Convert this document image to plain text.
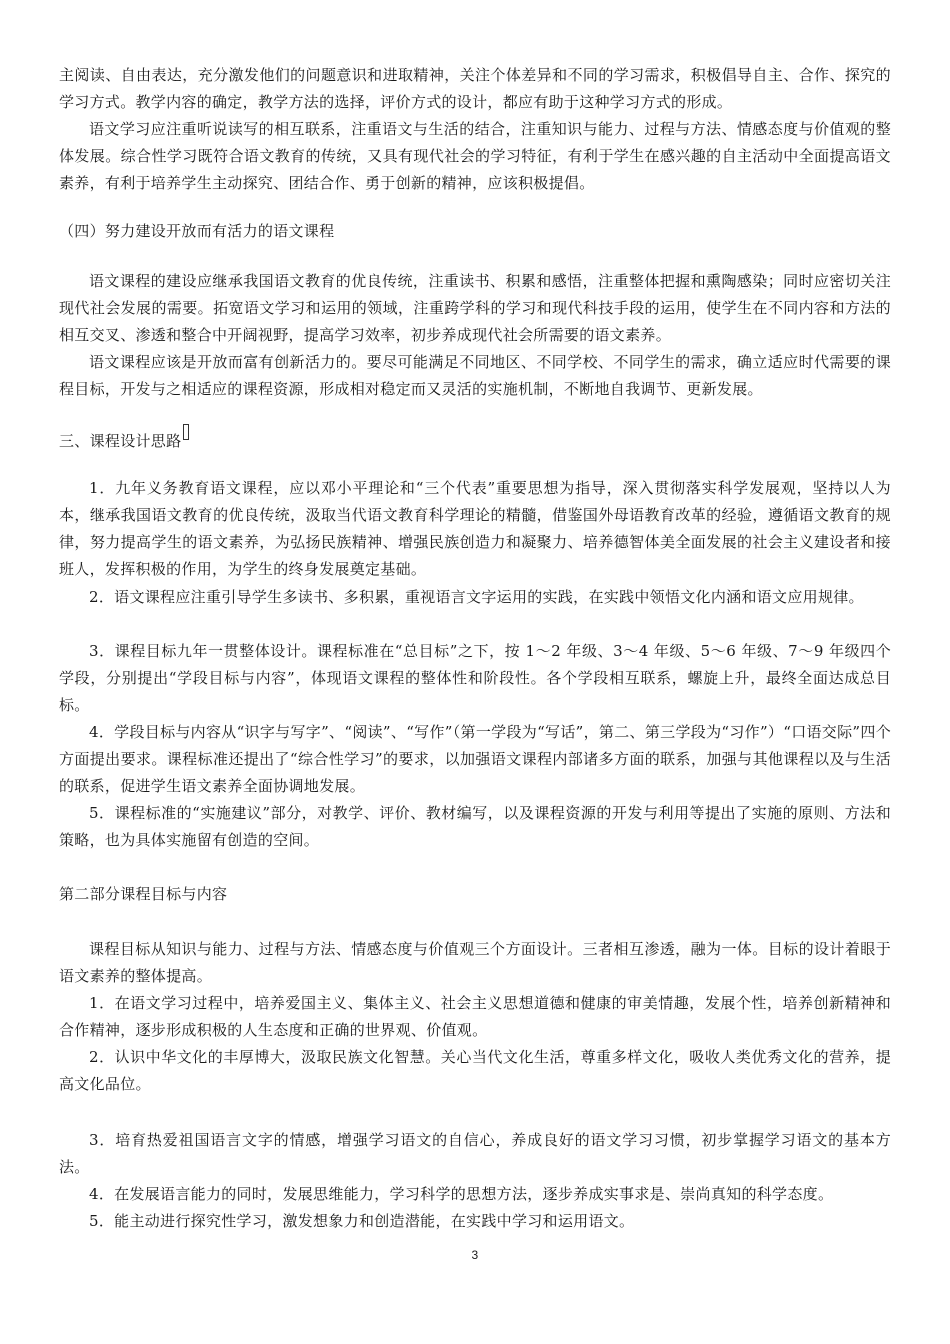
主阅读、自由表达，充分激发他们的问题意识和进取精神，关注个体差异和不同的学习需求，积极倡导自主、合作、探究的学习方式。教学内容的确定，教学方法的选择，评价方式的设计，都应有助于这种学习方式的形成。

语文学习应注重听说读写的相互联系，注重语文与生活的结合，注重知识与能力、过程与方法、情感态度与价值观的整体发展。综合性学习既符合语文教育的传统，又具有现代社会的学习特征，有利于学生在感兴趣的自主活动中全面提高语文素养，有利于培养学生主动探究、团结合作、勇于创新的精神，应该积极提倡。

（四）努力建设开放而有活力的语文课程

语文课程的建设应继承我国语文教育的优良传统，注重读书、积累和感悟，注重整体把握和熏陶感染；同时应密切关注现代社会发展的需要。拓宽语文学习和运用的领域，注重跨学科的学习和现代科技手段的运用，使学生在不同内容和方法的相互交叉、渗透和整合中开阔视野，提高学习效率，初步养成现代社会所需要的语文素养。

语文课程应该是开放而富有创新活力的。要尽可能满足不同地区、不同学校、不同学生的需求，确立适应时代需要的课程目标，开发与之相适应的课程资源，形成相对稳定而又灵活的实施机制，不断地自我调节、更新发展。

三、课程设计思路

1．九年义务教育语文课程，应以邓小平理论和“三个代表”重要思想为指导，深入贯彻落实科学发展观，坚持以人为本，继承我国语文教育的优良传统，汲取当代语文教育科学理论的精髓，借鉴国外母语教育改革的经验，遵循语文教育的规律，努力提高学生的语文素养，为弘扬民族精神、增强民族创造力和凝聚力、培养德智体美全面发展的社会主义建设者和接班人，发挥积极的作用，为学生的终身发展奠定基础。

2．语文课程应注重引导学生多读书、多积累，重视语言文字运用的实践，在实践中领悟文化内涵和语文应用规律。

3．课程目标九年一贯整体设计。课程标准在“总目标”之下，按 1～2 年级、3～4 年级、5～6 年级、7～9 年级四个学段，分别提出“学段目标与内容”，体现语文课程的整体性和阶段性。各个学段相互联系，螺旋上升，最终全面达成总目标。

4．学段目标与内容从“识字与写字”、“阅读”、“写作”（第一学段为“写话”，第二、第三学段为“习作”）“口语交际”四个方面提出要求。课程标准还提出了“综合性学习”的要求，以加强语文课程内部诸多方面的联系，加强与其他课程以及与生活的联系，促进学生语文素养全面协调地发展。

5．课程标准的“实施建议”部分，对教学、评价、教材编写，以及课程资源的开发与利用等提出了实施的原则、方法和策略，也为具体实施留有创造的空间。

第二部分课程目标与内容

课程目标从知识与能力、过程与方法、情感态度与价值观三个方面设计。三者相互渗透，融为一体。目标的设计着眼于语文素养的整体提高。

1．在语文学习过程中，培养爱国主义、集体主义、社会主义思想道德和健康的审美情趣，发展个性，培养创新精神和合作精神，逐步形成积极的人生态度和正确的世界观、价值观。

2．认识中华文化的丰厚博大，汲取民族文化智慧。关心当代文化生活，尊重多样文化，吸收人类优秀文化的营养，提高文化品位。

3．培育热爱祖国语言文字的情感，增强学习语文的自信心，养成良好的语文学习习惯，初步掌握学习语文的基本方法。

4．在发展语言能力的同时，发展思维能力，学习科学的思想方法，逐步养成实事求是、崇尚真知的科学态度。

5．能主动进行探究性学习，激发想象力和创造潜能，在实践中学习和运用语文。

3
